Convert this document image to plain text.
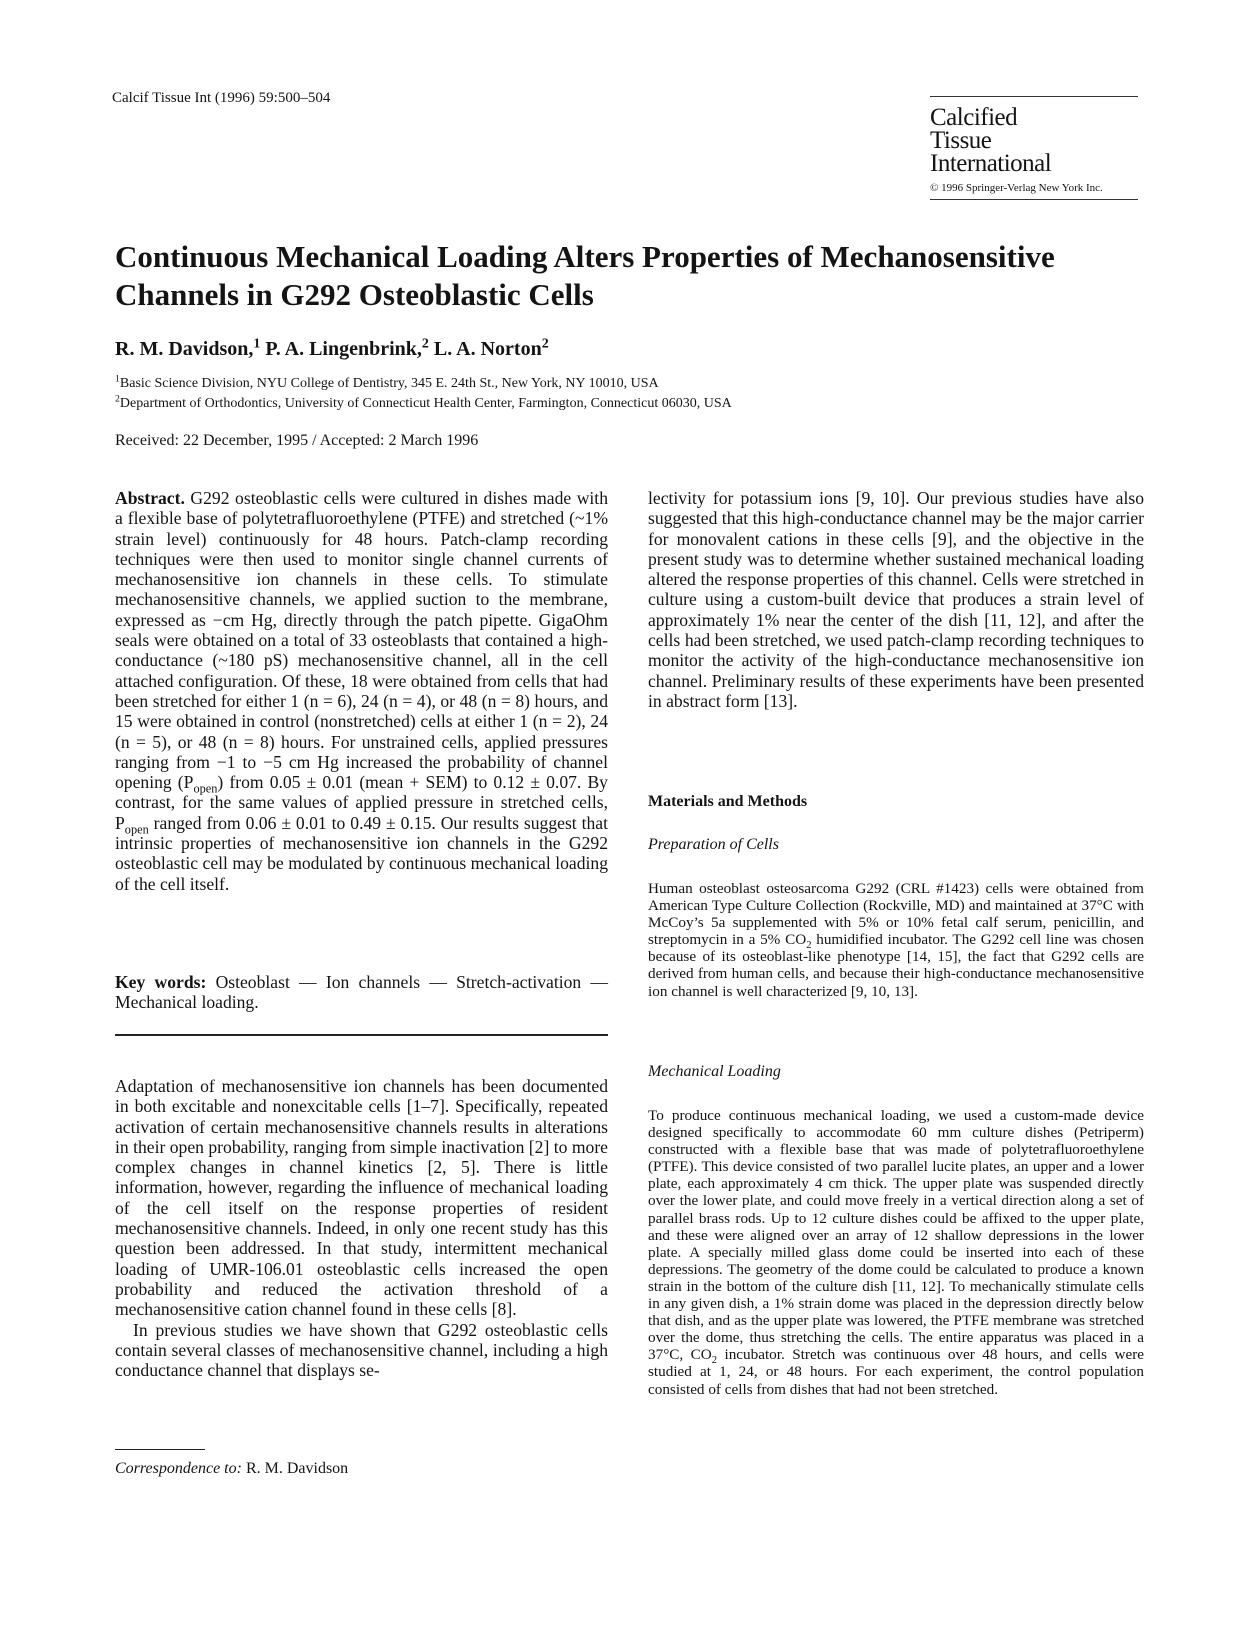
Calcif Tissue Int (1996) 59:500–504
Calcified
Tissue
International
© 1996 Springer-Verlag New York Inc.
Continuous Mechanical Loading Alters Properties of Mechanosensitive Channels in G292 Osteoblastic Cells
R. M. Davidson,$^1$ P. A. Lingenbrink,$^2$ L. A. Norton$^2$
$^1$Basic Science Division, NYU College of Dentistry, 345 E. 24th St., New York, NY 10010, USA
$^2$Department of Orthodontics, University of Connecticut Health Center, Farmington, Connecticut 06030, USA
Received: 22 December, 1995 / Accepted: 2 March 1996

Abstract. G292 osteoblastic cells were cultured in dishes made with a flexible base of polytetrafluoroethylene (PTFE) and stretched (~1% strain level) continuously for 48 hours. Patch-clamp recording techniques were then used to monitor single channel currents of mechanosensitive ion channels in these cells. To stimulate mechanosensitive channels, we applied suction to the membrane, expressed as −cm Hg, directly through the patch pipette. GigaOhm seals were obtained on a total of 33 osteoblasts that contained a high-conductance (~180 pS) mechanosensitive channel, all in the cell attached configuration. Of these, 18 were obtained from cells that had been stretched for either 1 (n = 6), 24 (n = 4), or 48 (n = 8) hours, and 15 were obtained in control (nonstretched) cells at either 1 (n = 2), 24 (n = 5), or 48 (n = 8) hours. For unstrained cells, applied pressures ranging from −1 to −5 cm Hg increased the probability of channel opening $(P_{open})$ from 0.05 ± 0.01 (mean + SEM) to 0.12 ± 0.07. By contrast, for the same values of applied pressure in stretched cells, $P_{open}$ ranged from 0.06 ± 0.01 to 0.49 ± 0.15. Our results suggest that intrinsic properties of mechanosensitive ion channels in the G292 osteoblastic cell may be modulated by continuous mechanical loading of the cell itself.

Key words: Osteoblast — Ion channels — Stretch-activation — Mechanical loading.

Adaptation of mechanosensitive ion channels has been documented in both excitable and nonexcitable cells [1–7]. Specifically, repeated activation of certain mechanosensitive channels results in alterations in their open probability, ranging from simple inactivation [2] to more complex changes in channel kinetics [2, 5]. There is little information, however, regarding the influence of mechanical loading of the cell itself on the response properties of resident mechanosensitive channels. Indeed, in only one recent study has this question been addressed. In that study, intermittent mechanical loading of UMR-106.01 osteoblastic cells increased the open probability and reduced the activation threshold of a mechanosensitive cation channel found in these cells [8].

In previous studies we have shown that G292 osteoblastic cells contain several classes of mechanosensitive channel, including a high conductance channel that displays se-

Correspondence to: R. M. Davidson

lectivity for potassium ions [9, 10]. Our previous studies have also suggested that this high-conductance channel may be the major carrier for monovalent cations in these cells [9], and the objective in the present study was to determine whether sustained mechanical loading altered the response properties of this channel. Cells were stretched in culture using a custom-built device that produces a strain level of approximately 1% near the center of the dish [11, 12], and after the cells had been stretched, we used patch-clamp recording techniques to monitor the activity of the high-conductance mechanosensitive ion channel. Preliminary results of these experiments have been presented in abstract form [13].

Materials and Methods
Preparation of Cells

Human osteoblast osteosarcoma G292 (CRL #1423) cells were obtained from American Type Culture Collection (Rockville, MD) and maintained at 37°C with McCoy’s 5a supplemented with 5% or 10% fetal calf serum, penicillin, and streptomycin in a 5% $CO_2$ humidified incubator. The G292 cell line was chosen because of its osteoblast-like phenotype [14, 15], the fact that G292 cells are derived from human cells, and because their high-conductance mechanosensitive ion channel is well characterized [9, 10, 13].

Mechanical Loading

To produce continuous mechanical loading, we used a custom-made device designed specifically to accommodate 60 mm culture dishes (Petriperm) constructed with a flexible base that was made of polytetrafluoroethylene (PTFE). This device consisted of two parallel lucite plates, an upper and a lower plate, each approximately 4 cm thick. The upper plate was suspended directly over the lower plate, and could move freely in a vertical direction along a set of parallel brass rods. Up to 12 culture dishes could be affixed to the upper plate, and these were aligned over an array of 12 shallow depressions in the lower plate. A specially milled glass dome could be inserted into each of these depressions. The geometry of the dome could be calculated to produce a known strain in the bottom of the culture dish [11, 12]. To mechanically stimulate cells in any given dish, a 1% strain dome was placed in the depression directly below that dish, and as the upper plate was lowered, the PTFE membrane was stretched over the dome, thus stretching the cells. The entire apparatus was placed in a 37°C, $CO_2$ incubator. Stretch was continuous over 48 hours, and cells were studied at 1, 24, or 48 hours. For each experiment, the control population consisted of cells from dishes that had not been stretched.
